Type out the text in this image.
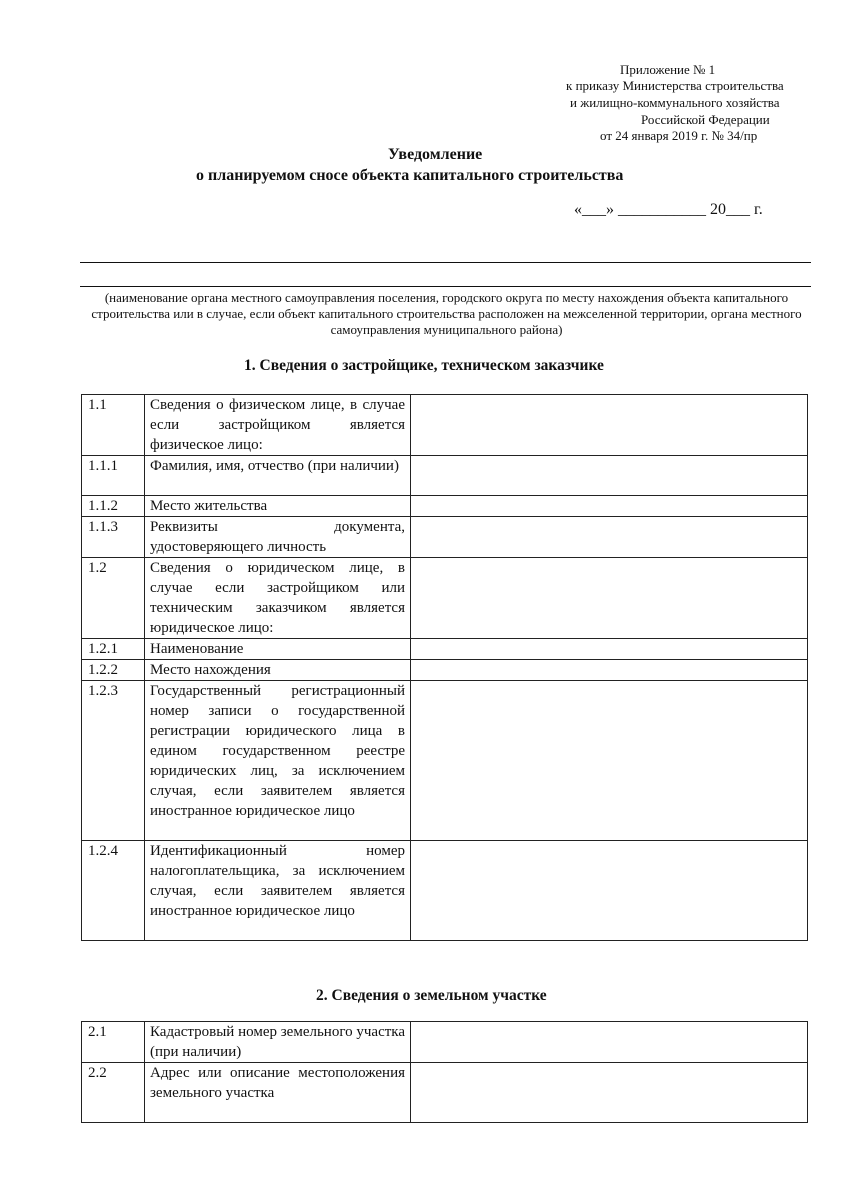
Приложение № 1
к приказу Министерства строительства
и жилищно-коммунального хозяйства
Российской Федерации
от 24 января 2019 г. № 34/пр
Уведомление
о планируемом сносе объекта капитального строительства
«___» ___________ 20___ г.
(наименование органа местного самоуправления поселения, городского округа по месту нахождения объекта капитального строительства или в случае, если объект капитального строительства расположен на межселенной территории, органа местного самоуправления муниципального района)
1. Сведения о застройщике, техническом заказчике
1.1	Сведения о физическом лице, в случае если застройщиком является физическое лицо:	
1.1.1	Фамилия, имя, отчество (при наличии)	
1.1.2	Место жительства	
1.1.3	Реквизиты документа, удостоверяющего личность	
1.2	Сведения о юридическом лице, в случае если застройщиком или техническим заказчиком является юридическое лицо:	
1.2.1	Наименование	
1.2.2	Место нахождения	
1.2.3	Государственный регистрационный номер записи о государственной регистрации юридического лица в едином государственном реестре юридических лиц, за исключением случая, если заявителем является иностранное юридическое лицо	
1.2.4	Идентификационный номер налогоплательщика, за исключением случая, если заявителем является иностранное юридическое лицо	
2. Сведения о земельном участке
2.1	Кадастровый номер земельного участка (при наличии)	
2.2	Адрес или описание местоположения земельного участка	
